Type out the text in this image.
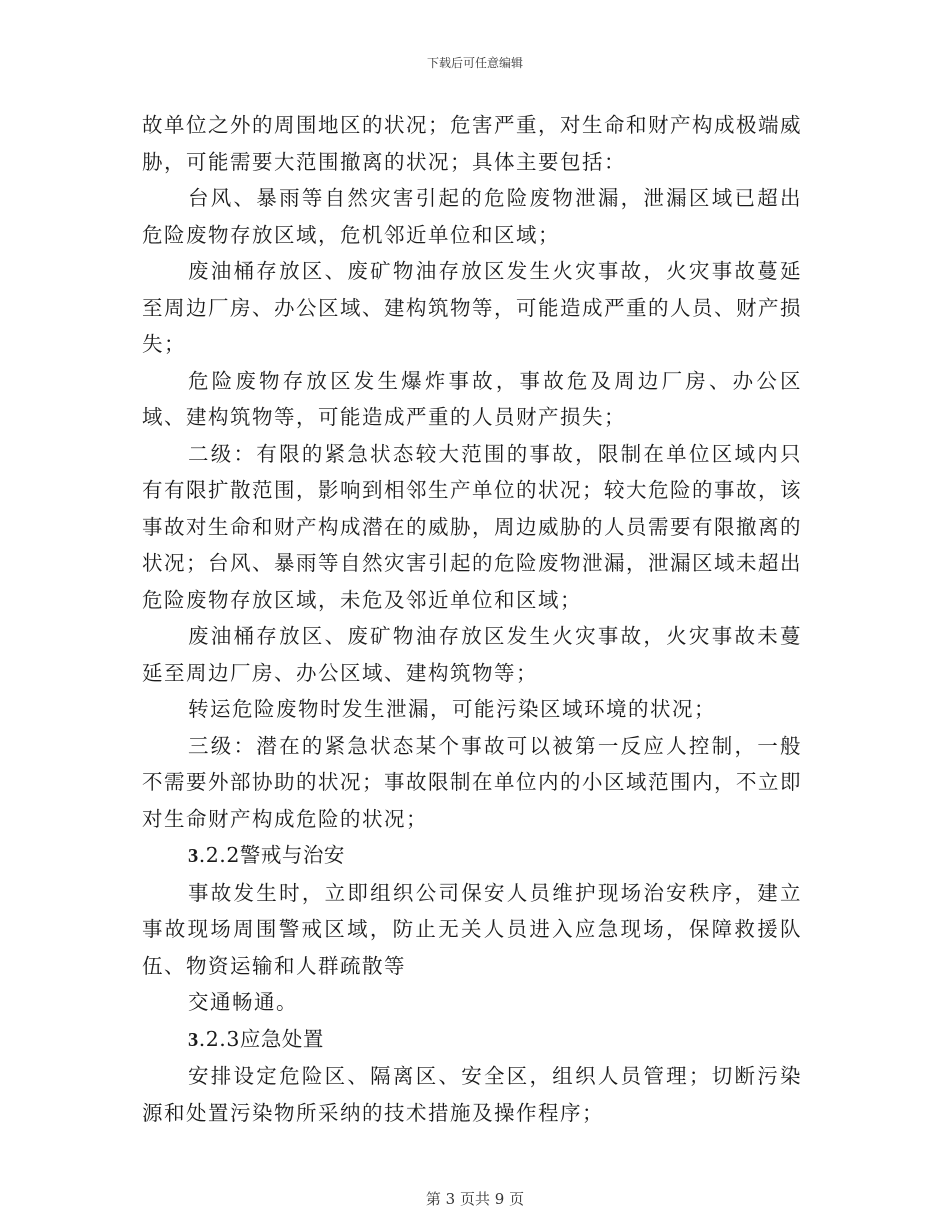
下载后可任意编辑

故单位之外的周围地区的状况；危害严重，对生命和财产构成极端威胁，可能需要大范围撤离的状况；具体主要包括：

台风、暴雨等自然灾害引起的危险废物泄漏，泄漏区域已超出危险废物存放区域，危机邻近单位和区域；

废油桶存放区、废矿物油存放区发生火灾事故，火灾事故蔓延至周边厂房、办公区域、建构筑物等，可能造成严重的人员、财产损失；

危险废物存放区发生爆炸事故，事故危及周边厂房、办公区域、建构筑物等，可能造成严重的人员财产损失；

二级：有限的紧急状态较大范围的事故，限制在单位区域内只有有限扩散范围，影响到相邻生产单位的状况；较大危险的事故，该事故对生命和财产构成潜在的威胁，周边威胁的人员需要有限撤离的状况；台风、暴雨等自然灾害引起的危险废物泄漏，泄漏区域未超出危险废物存放区域，未危及邻近单位和区域；

废油桶存放区、废矿物油存放区发生火灾事故，火灾事故未蔓延至周边厂房、办公区域、建构筑物等；

转运危险废物时发生泄漏，可能污染区域环境的状况；

三级：潜在的紧急状态某个事故可以被第一反应人控制，一般不需要外部协助的状况；事故限制在单位内的小区域范围内，不立即对生命财产构成危险的状况；

3.2.2警戒与治安

事故发生时，立即组织公司保安人员维护现场治安秩序，建立事故现场周围警戒区域，防止无关人员进入应急现场，保障救援队伍、物资运输和人群疏散等

交通畅通。

3.2.3应急处置

安排设定危险区、隔离区、安全区，组织人员管理；切断污染源和处置污染物所采纳的技术措施及操作程序；

第 3 页共 9 页
